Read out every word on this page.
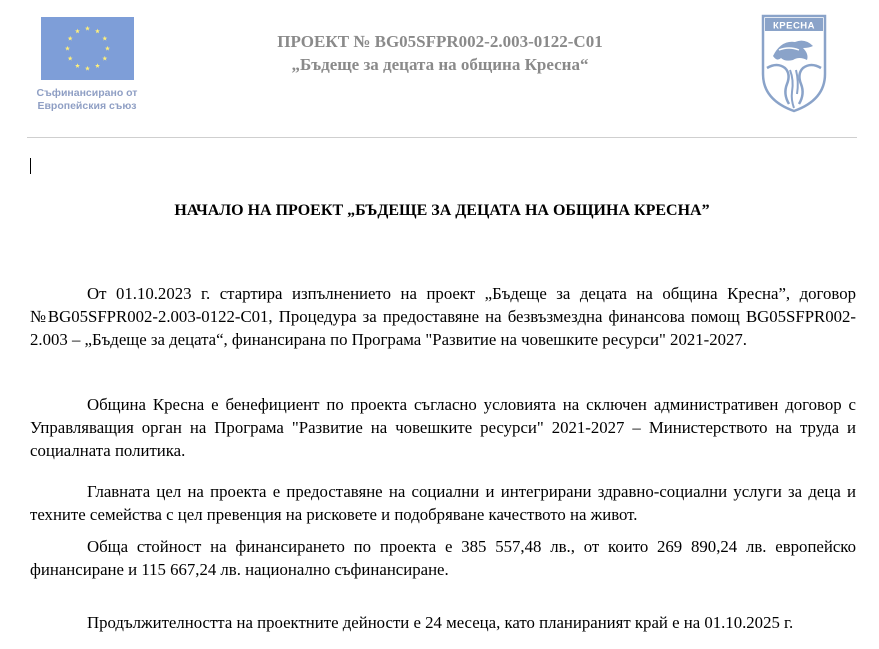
Съфинансирано от
Европейския съюз
ПРОЕКТ № BG05SFPR002-2.003-0122-C01
„Бъдеще за децата на община Кресна“
КРЕСНА
НАЧАЛО НА ПРОЕКТ „БЪДЕЩЕ ЗА ДЕЦАТА НА ОБЩИНА КРЕСНА”

От 01.10.2023 г. стартира изпълнението на проект „Бъдеще за децата на община Кресна”, договор №BG05SFPR002-2.003-0122-C01, Процедура за предоставяне на безвъзмездна финансова помощ BG05SFPR002-2.003 – „Бъдеще за децата“, финансирана по Програма "Развитие на човешките ресурси" 2021-2027.

Община Кресна е бенефициент по проекта съгласно условията на сключен административен договор с Управляващия орган на Програма "Развитие на човешките ресурси" 2021-2027 – Министерството на труда и социалната политика.

Главната цел на проекта е предоставяне на социални и интегрирани здравно-социални услуги за деца и техните семейства с цел превенция на рисковете и подобряване качеството на живот.

Обща стойност на финансирането по проекта е 385 557,48 лв., от които 269 890,24 лв. европейско финансиране и 115 667,24 лв. национално съфинансиране.

Продължителността на проектните дейности е 24 месеца, като планираният край е на 01.10.2025 г.
